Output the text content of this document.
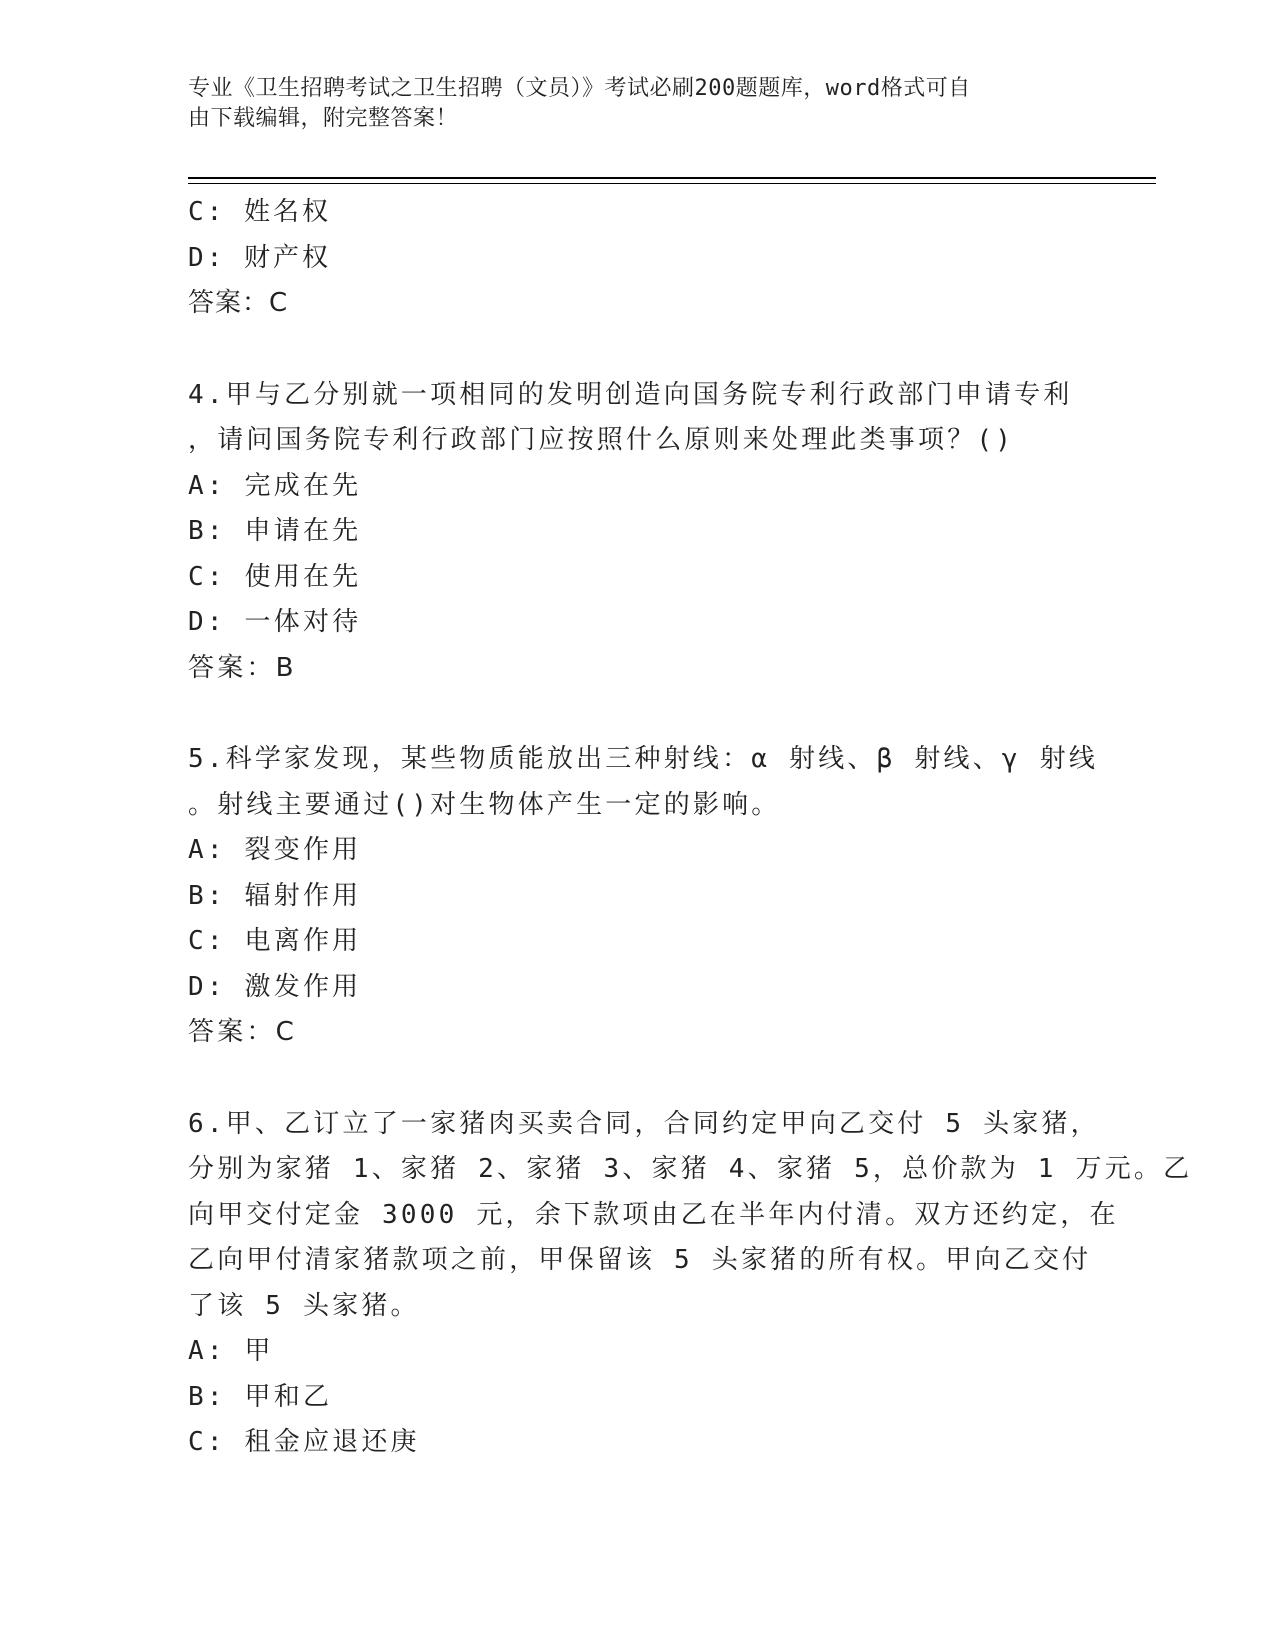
专业《卫生招聘考试之卫生招聘（文员）》考试必刷200题题库，word格式可自
由下载编辑，附完整答案！
C: 姓名权
D: 财产权
答案：C
4.甲与乙分别就一项相同的发明创造向国务院专利行政部门申请专利
，请问国务院专利行政部门应按照什么原则来处理此类事项？()
A: 完成在先
B: 申请在先
C: 使用在先
D: 一体对待
答案：B
5.科学家发现，某些物质能放出三种射线：α 射线、β 射线、γ 射线
。射线主要通过()对生物体产生一定的影响。
A: 裂变作用
B: 辐射作用
C: 电离作用
D: 激发作用
答案：C
6.甲、乙订立了一家猪肉买卖合同，合同约定甲向乙交付 5 头家猪，
分别为家猪 1、家猪 2、家猪 3、家猪 4、家猪 5，总价款为 1 万元。乙
向甲交付定金 3000 元，余下款项由乙在半年内付清。双方还约定，在
乙向甲付清家猪款项之前，甲保留该 5 头家猪的所有权。甲向乙交付
了该 5 头家猪。
A: 甲
B: 甲和乙
C: 租金应退还庚
